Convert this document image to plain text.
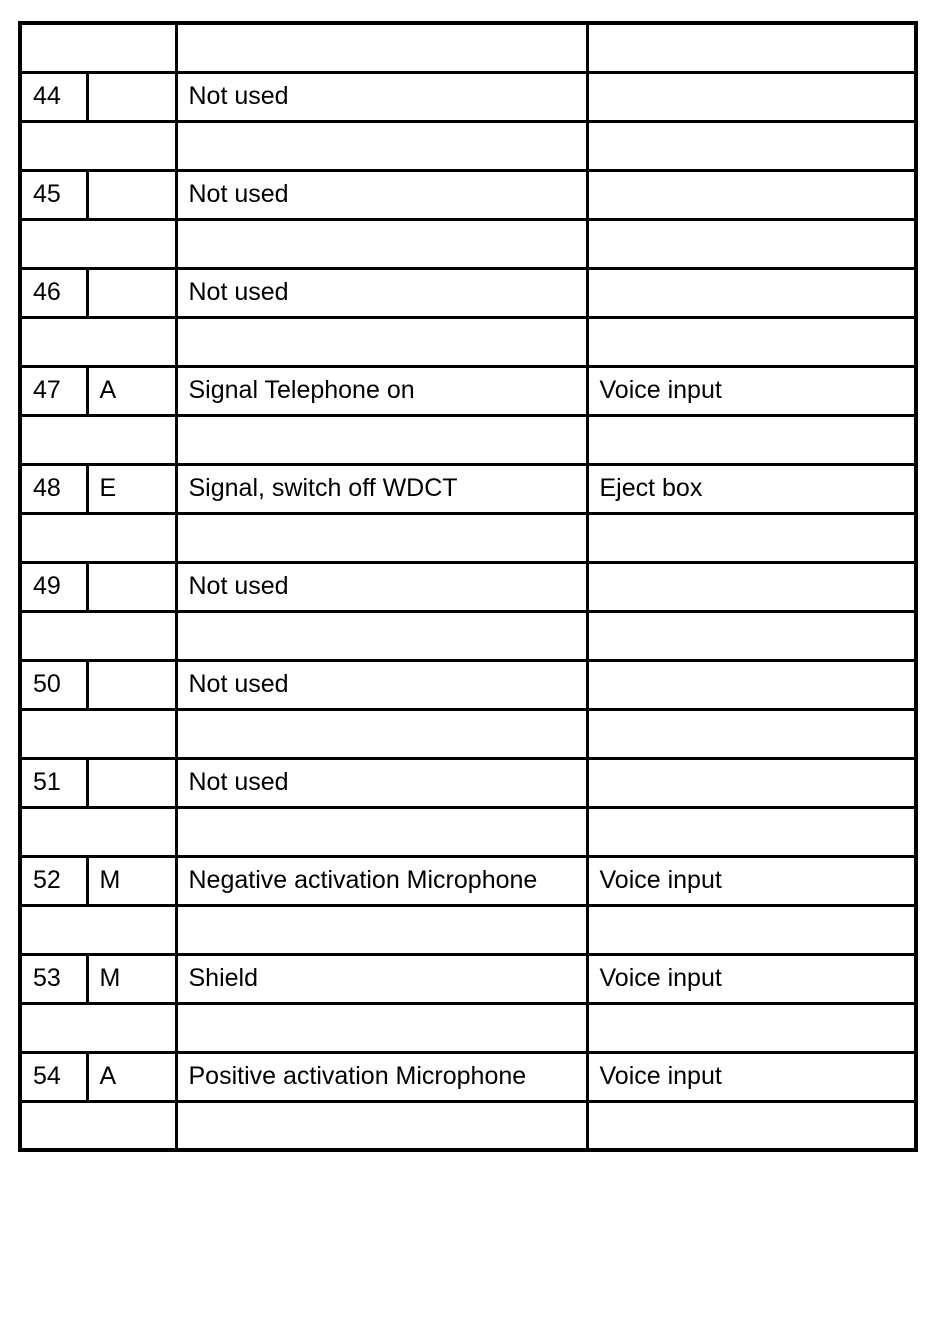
44		Not used	

45		Not used	

46		Not used	

47	A	Signal Telephone on	Voice input

48	E	Signal, switch off WDCT	Eject box

49		Not used	

50		Not used	

51		Not used	

52	M	Negative activation Microphone	Voice input

53	M	Shield	Voice input

54	A	Positive activation Microphone	Voice input
